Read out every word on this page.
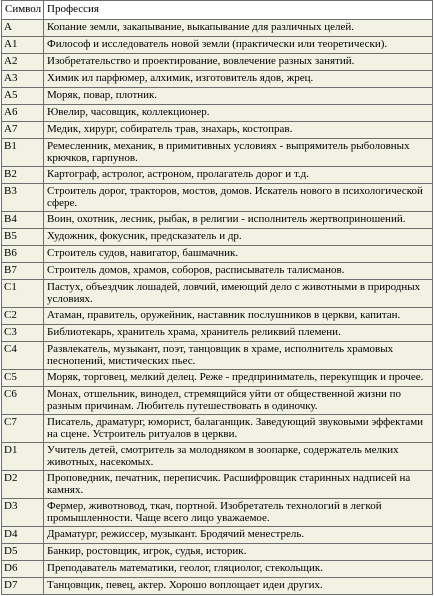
Символ	Профессия
A	Копание земли, закапывание, выкапывание для различных целей.
A1	Философ и исследователь новой земли (практически или теоретически).
A2	Изобретательство и проектирование, вовлечение разных занятий.
A3	Химик ил парфюмер, алхимик, изготовитель ядов, жрец.
A5	Моряк, повар, плотник.
A6	Ювелир, часовщик, коллекционер.
A7	Медик, хирург, собиратель трав, знахарь, костоправ.
B1	Ремесленник, механик, в примитивных условиях - выпрямитель рыболовных крючков, гарпунов.
B2	Картограф, астролог, астроном, пролагатель дорог и т.д.
B3	Строитель дорог, тракторов, мостов, домов. Искатель нового в психологической сфере.
B4	Воин, охотник, лесник, рыбак, в религии - исполнитель жертвоприношений.
B5	Художник, фокусник, предсказатель и др.
B6	Строитель судов, навигатор, башмачник.
B7	Строитель домов, храмов, соборов, расписыватель талисманов.
C1	Пастух, объездчик лошадей, ловчий, имеющий дело с животными в природных условиях.
C2	Атаман, правитель, оружейник, наставник послушников в церкви, капитан.
C3	Библиотекарь, хранитель храма, хранитель реликвий племени.
C4	Развлекатель, музыкант, поэт, танцовщик в храме, исполнитель храмовых песнопений, мистических пьес.
C5	Моряк, торговец, мелкий делец. Реже - предприниматель, перекупщик и прочее.
C6	Монах, отшельник, винодел, стремящийся уйти от общественной жизни по разным причинам. Любитель путешествовать в одиночку.
C7	Писатель, драматург, юморист, балаганщик. Заведующий звуковыми эффектами на сцене. Устроитель ритуалов в церкви.
D1	Учитель детей, смотритель за молодняком в зоопарке, содержатель мелких животных, насекомых.
D2	Проповедник, печатник, переписчик. Расшифровщик старинных надписей на камнях.
D3	Фермер, животновод, ткач, портной. Изобретатель технологий в легкой промышленности. Чаще всего лицо уважаемое.
D4	Драматург, режиссер, музыкант. Бродячий менестрель.
D5	Банкир, ростовщик, игрок, судья, историк.
D6	Преподаватель математики, геолог, гляциолог, стекольщик.
D7	Танцовщик, певец, актер. Хорошо воплощает идеи других.
